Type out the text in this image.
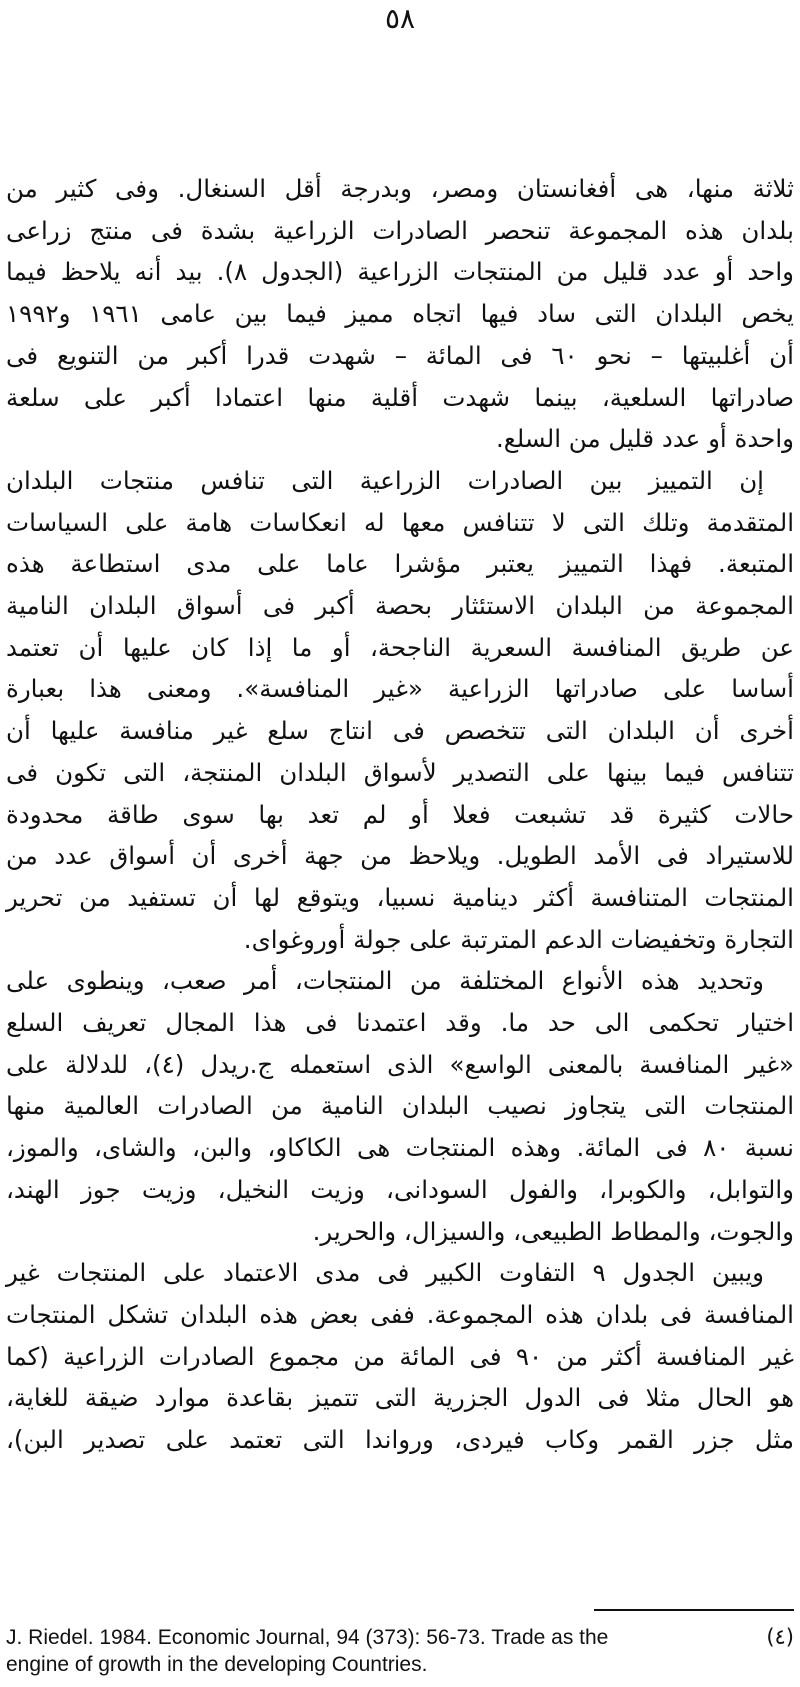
٥٨
ثلاثة منها، هى أفغانستان ومصر، وبدرجة أقل السنغال. وفى كثير من
بلدان هذه المجموعة تنحصر الصادرات الزراعية بشدة فى منتج زراعى
واحد أو عدد قليل من المنتجات الزراعية (الجدول ٨). بيد أنه يلاحظ فيما
يخص البلدان التى ساد فيها اتجاه مميز فيما بين عامى ١٩٦١ و١٩٩٢
أن أغلبيتها – نحو ٦٠ فى المائة – شهدت قدرا أكبر من التنويع فى
صادراتها السلعية، بينما شهدت أقلية منها اعتمادا أكبر على سلعة
واحدة أو عدد قليل من السلع.
إن التمييز بين الصادرات الزراعية التى تنافس منتجات البلدان
المتقدمة وتلك التى لا تتنافس معها له انعكاسات هامة على السياسات
المتبعة. فهذا التمييز يعتبر مؤشرا عاما على مدى استطاعة هذه
المجموعة من البلدان الاستئثار بحصة أكبر فى أسواق البلدان النامية
عن طريق المنافسة السعرية الناجحة، أو ما إذا كان عليها أن تعتمد
أساسا على صادراتها الزراعية «غير المنافسة». ومعنى هذا بعبارة
أخرى أن البلدان التى تتخصص فى انتاج سلع غير منافسة عليها أن
تتنافس فيما بينها على التصدير لأسواق البلدان المنتجة، التى تكون فى
حالات كثيرة قد تشبعت فعلا أو لم تعد بها سوى طاقة محدودة
للاستيراد فى الأمد الطويل. ويلاحظ من جهة أخرى أن أسواق عدد من
المنتجات المتنافسة أكثر دينامية نسبيا، ويتوقع لها أن تستفيد من تحرير
التجارة وتخفيضات الدعم المترتبة على جولة أوروغواى.
وتحديد هذه الأنواع المختلفة من المنتجات، أمر صعب، وينطوى على
اختيار تحكمى الى حد ما. وقد اعتمدنا فى هذا المجال تعريف السلع
«غير المنافسة بالمعنى الواسع» الذى استعمله ج.ريدل (٤)، للدلالة على
المنتجات التى يتجاوز نصيب البلدان النامية من الصادرات العالمية منها
نسبة ٨٠ فى المائة. وهذه المنتجات هى الكاكاو، والبن، والشاى، والموز،
والتوابل، والكوبرا، والفول السودانى، وزيت النخيل، وزيت جوز الهند،
والجوت، والمطاط الطبيعى، والسيزال، والحرير.
ويبين الجدول ٩ التفاوت الكبير فى مدى الاعتماد على المنتجات غير
المنافسة فى بلدان هذه المجموعة. ففى بعض هذه البلدان تشكل المنتجات
غير المنافسة أكثر من ٩٠ فى المائة من مجموع الصادرات الزراعية (كما
هو الحال مثلا فى الدول الجزرية التى تتميز بقاعدة موارد ضيقة للغاية،
مثل جزر القمر وكاب فيردى، ورواندا التى تعتمد على تصدير البن)،
J. Riedel. 1984. Economic Journal, 94 (373): 56-73. Trade as the	(٤)
engine of growth in the developing Countries.
